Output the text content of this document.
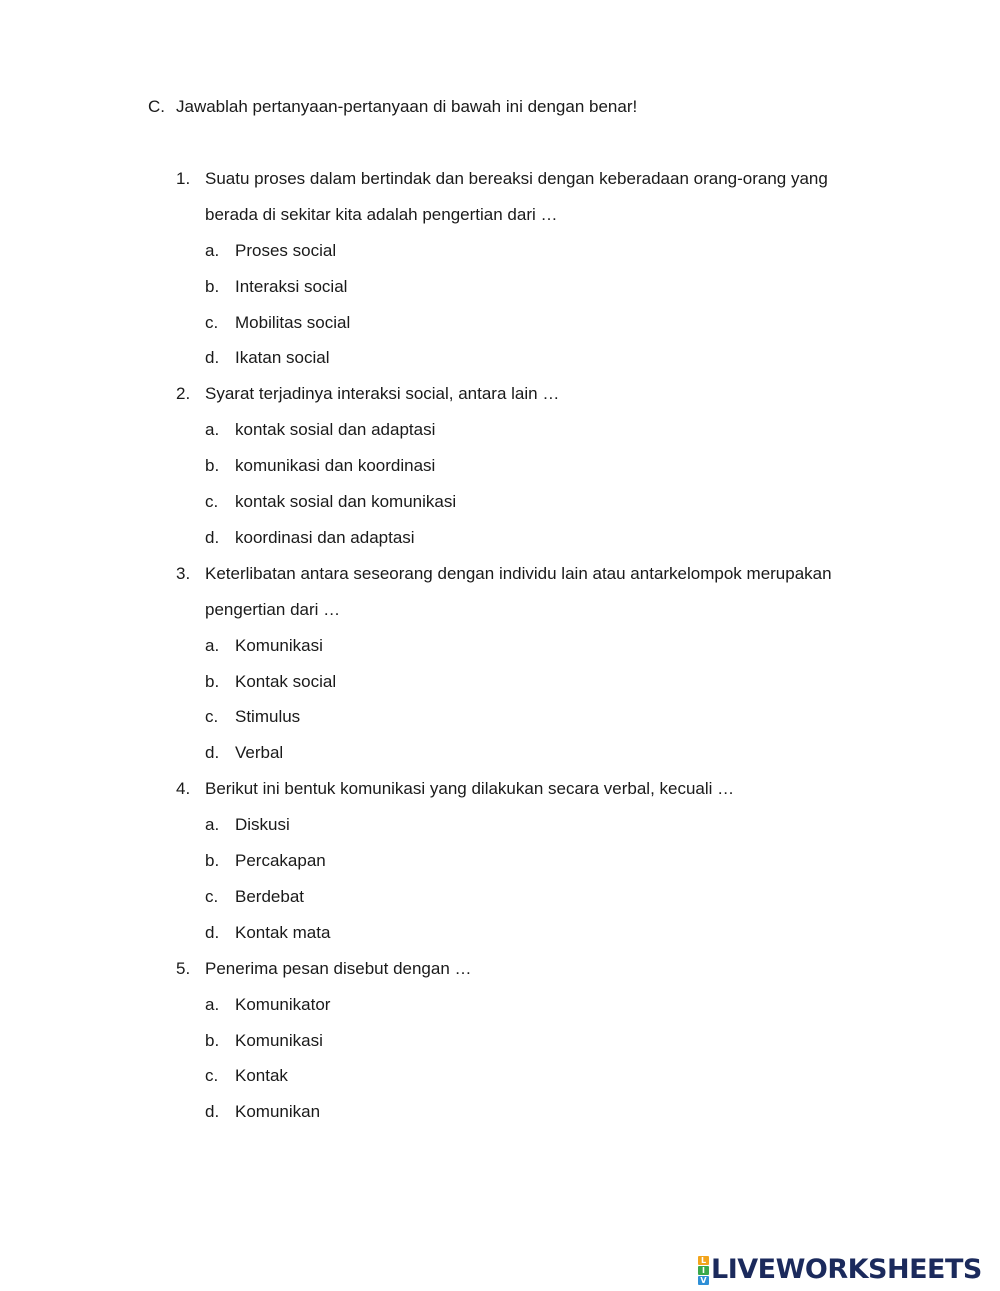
C. Jawablah pertanyaan-pertanyaan di bawah ini dengan benar!
1. Suatu proses dalam bertindak dan bereaksi dengan keberadaan orang-orang yang
berada di sekitar kita adalah pengertian dari …
a. Proses social
b. Interaksi social
c. Mobilitas social
d. Ikatan social
2. Syarat terjadinya interaksi social, antara lain …
a. kontak sosial dan adaptasi
b. komunikasi dan koordinasi
c. kontak sosial dan komunikasi
d. koordinasi dan adaptasi
3. Keterlibatan antara seseorang dengan individu lain atau antarkelompok merupakan
pengertian dari …
a. Komunikasi
b. Kontak social
c. Stimulus
d. Verbal
4. Berikut ini bentuk komunikasi yang dilakukan secara verbal, kecuali …
a. Diskusi
b. Percakapan
c. Berdebat
d. Kontak mata
5. Penerima pesan disebut dengan …
a. Komunikator
b. Komunikasi
c. Kontak
d. Komunikan
L
I
V LIVEWORKSHEETS
